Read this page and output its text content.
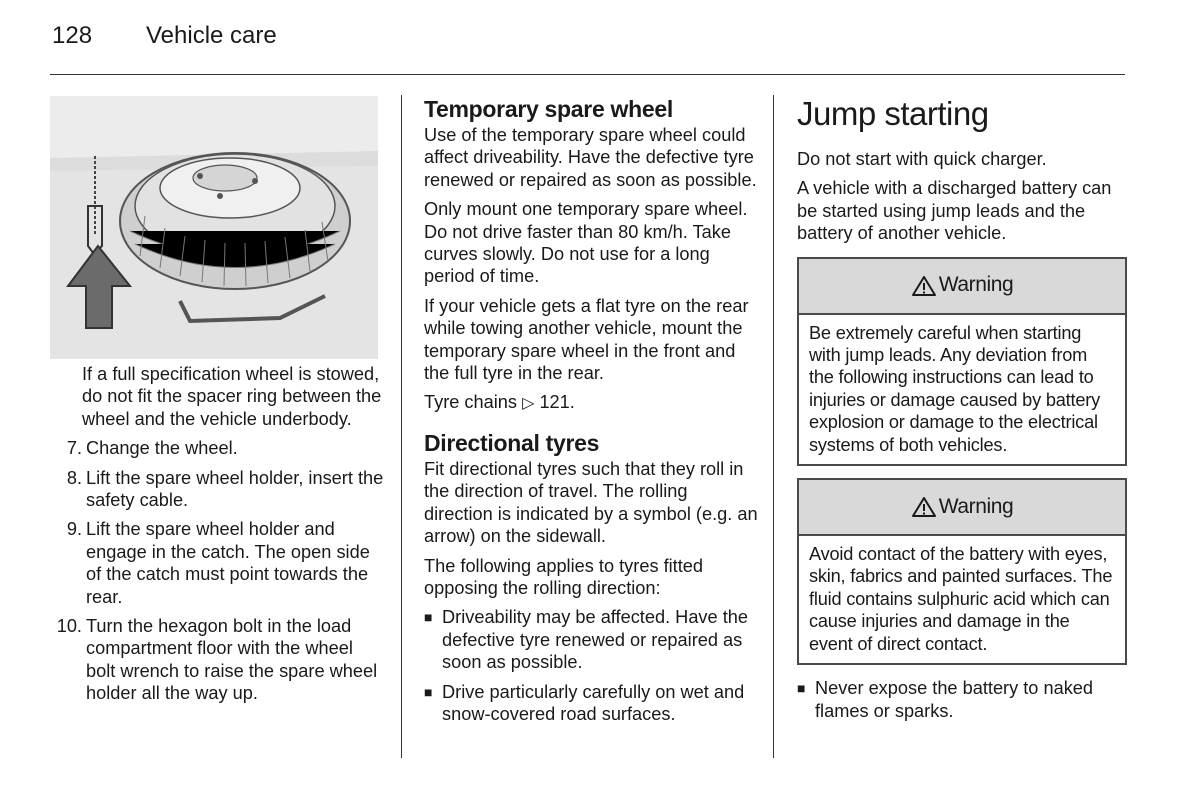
128 Vehicle care

If a full specification wheel is stowed, do not fit the spacer ring between the wheel and the vehicle underbody.

7. Change the wheel.
8. Lift the spare wheel holder, insert the safety cable.
9. Lift the spare wheel holder and engage in the catch. The open side of the catch must point towards the rear.
10. Turn the hexagon bolt in the load compartment floor with the wheel bolt wrench to raise the spare wheel holder all the way up.
Temporary spare wheel

Use of the temporary spare wheel could affect driveability. Have the defective tyre renewed or repaired as soon as possible.

Only mount one temporary spare wheel. Do not drive faster than 80 km/h. Take curves slowly. Do not use for a long period of time.

If your vehicle gets a flat tyre on the rear while towing another vehicle, mount the temporary spare wheel in the front and the full tyre in the rear.

Tyre chains ▷ 121.

Directional tyres

Fit directional tyres such that they roll in the direction of travel. The rolling direction is indicated by a symbol (e.g. an arrow) on the sidewall.

The following applies to tyres fitted opposing the rolling direction:

■ Driveability may be affected. Have the defective tyre renewed or repaired as soon as possible.
■ Drive particularly carefully on wet and snow-covered road surfaces.
Jump starting

Do not start with quick charger.

A vehicle with a discharged battery can be started using jump leads and the battery of another vehicle.

Warning
Be extremely careful when starting with jump leads. Any deviation from the following instructions can lead to injuries or damage caused by battery explosion or damage to the electrical systems of both vehicles.
Warning
Avoid contact of the battery with eyes, skin, fabrics and painted surfaces. The fluid contains sulphuric acid which can cause injuries and damage in the event of direct contact.
■ Never expose the battery to naked flames or sparks.
